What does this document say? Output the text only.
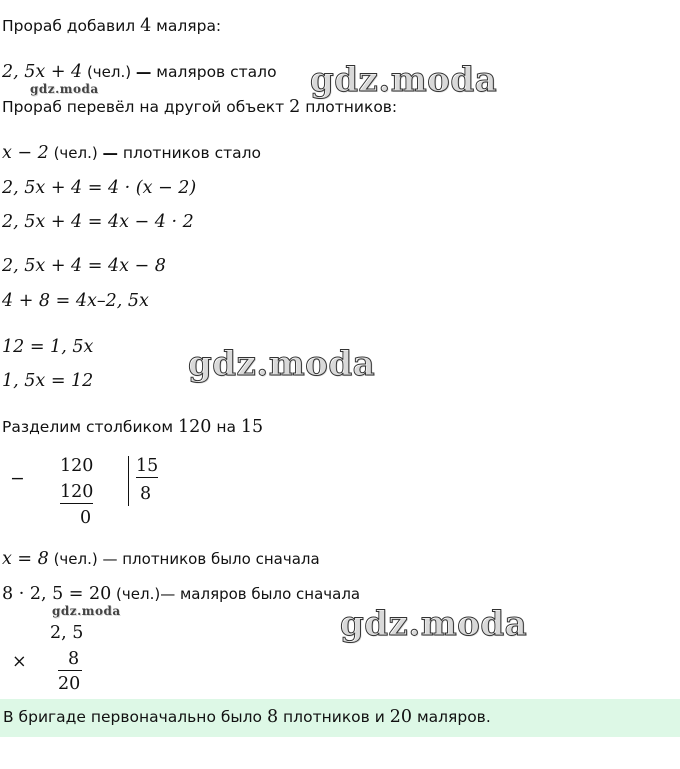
Прораб добавил 4 маляра:
2, 5x + 4 (чел.) — маляров стало
Прораб перевёл на другой объект 2 плотников:
x − 2 (чел.) — плотников стало
2, 5x + 4 = 4 · (x − 2)
2, 5x + 4 = 4x − 4 · 2
2, 5x + 4 = 4x − 8
4 + 8 = 4x–2, 5x
12 = 1, 5x
1, 5x = 12
Разделим столбиком 120 на 15
−
120
120
0
15
8
x = 8 (чел.) — плотников было сначала
8 · 2, 5 = 20 (чел.)— маляров было сначала
2, 5
× 8
20
gdz.moda
gdz.moda
gdz.moda
gdz.moda	gdz.moda
В бригаде первоначально было 8 плотников и 20 маляров.
